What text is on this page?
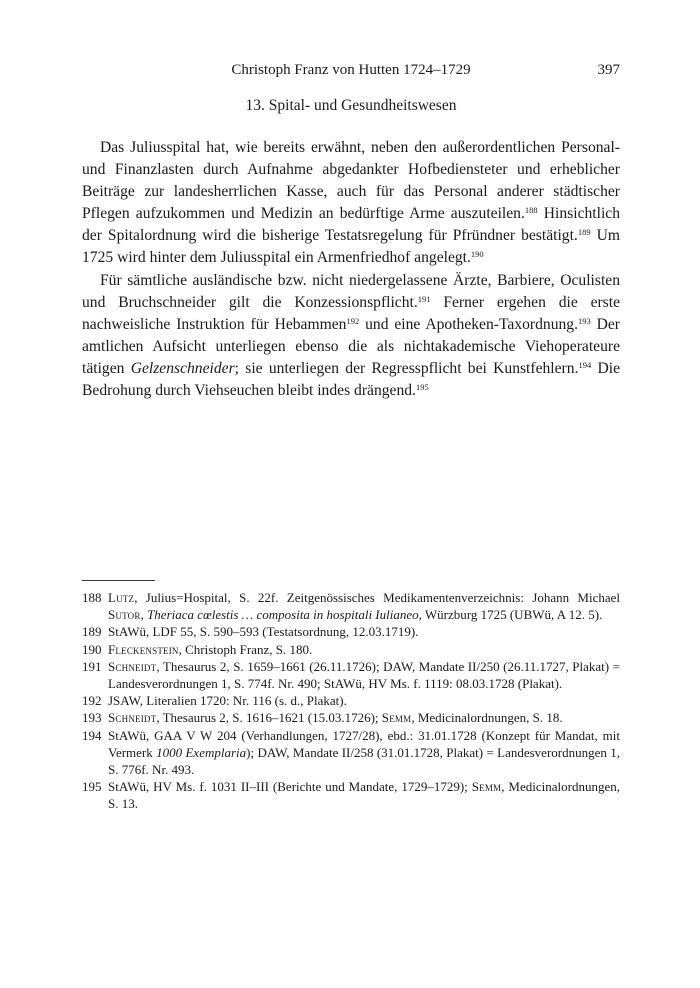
Christoph Franz von Hutten 1724–1729	397
13. Spital- und Gesundheitswesen

Das Juliusspital hat, wie bereits erwähnt, neben den außerordentlichen Personal- und Finanzlasten durch Aufnahme abgedankter Hofbediensteter und erheblicher Beiträge zur landesherrlichen Kasse, auch für das Personal anderer städtischer Pflegen aufzukommen und Medizin an bedürftige Arme auszuteilen.$^{188}$ Hinsichtlich der Spitalordnung wird die bisherige Testatsregelung für Pfründner bestätigt.$^{189}$ Um 1725 wird hinter dem Juliusspital ein Armenfriedhof angelegt.$^{190}$

Für sämtliche ausländische bzw. nicht niedergelassene Ärzte, Barbiere, Oculisten und Bruchschneider gilt die Konzessionspflicht.$^{191}$ Ferner ergehen die erste nachweisliche Instruktion für Hebammen$^{192}$ und eine Apotheken-Taxordnung.$^{193}$ Der amtlichen Aufsicht unterliegen ebenso die als nichtakademische Viehoperateure tätigen Gelzenschneider; sie unterliegen der Regresspflicht bei Kunstfehlern.$^{194}$ Die Bedrohung durch Viehseuchen bleibt indes drängend.$^{195}$

188 Lutz, Julius=Hospital, S. 22f. Zeitgenössisches Medikamentenverzeichnis: Johann Michael Sutor, Theriaca cœlestis … composita in hospitali Iulianeo, Würzburg 1725 (UBWü, A 12. 5).
189 StAWü, LDF 55, S. 590–593 (Testatsordnung, 12.03.1719).
190 Fleckenstein, Christoph Franz, S. 180.
191 Schneidt, Thesaurus 2, S. 1659–1661 (26.11.1726); DAW, Mandate II/250 (26.11.1727, Plakat) = Landesverordnungen 1, S. 774f. Nr. 490; StAWü, HV Ms. f. 1119: 08.03.1728 (Plakat).
192 JSAW, Literalien 1720: Nr. 116 (s. d., Plakat).
193 Schneidt, Thesaurus 2, S. 1616–1621 (15.03.1726); Semm, Medicinalordnungen, S. 18.
194 StAWü, GAA V W 204 (Verhandlungen, 1727/28), ebd.: 31.01.1728 (Konzept für Mandat, mit Vermerk 1000 Exemplaria); DAW, Mandate II/258 (31.01.1728, Plakat) = Landesverordnungen 1, S. 776f. Nr. 493.
195 StAWü, HV Ms. f. 1031 II–III (Berichte und Mandate, 1729–1729); Semm, Medicinalordnungen, S. 13.
